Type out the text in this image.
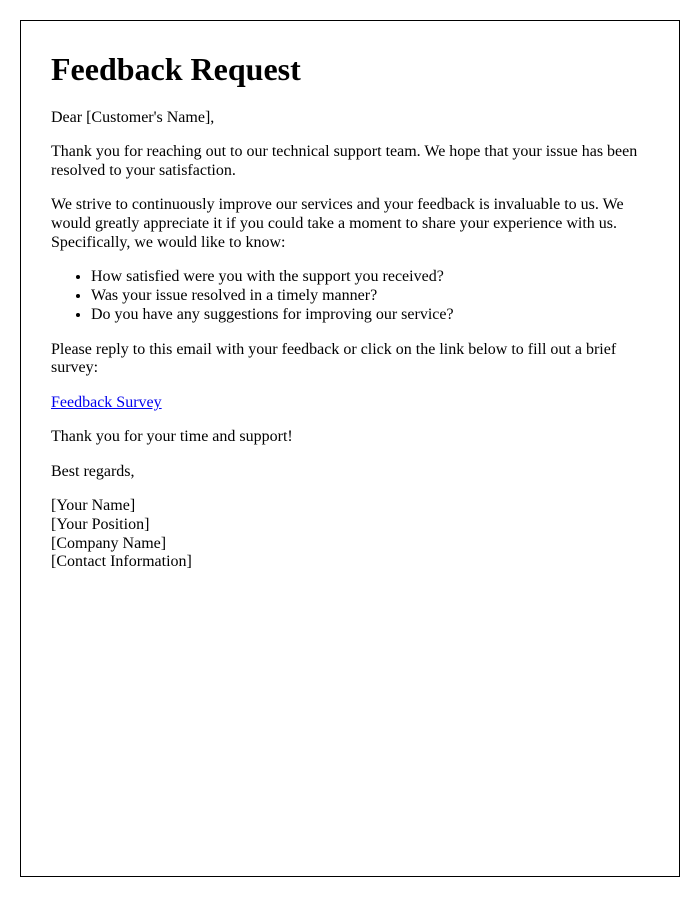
Feedback Request

Dear [Customer's Name],

Thank you for reaching out to our technical support team. We hope that your issue has been resolved to your satisfaction.

We strive to continuously improve our services and your feedback is invaluable to us. We would greatly appreciate it if you could take a moment to share your experience with us. Specifically, we would like to know:

• How satisfied were you with the support you received?
• Was your issue resolved in a timely manner?
• Do you have any suggestions for improving our service?

Please reply to this email with your feedback or click on the link below to fill out a brief survey:

Feedback Survey

Thank you for your time and support!

Best regards,

[Your Name]
[Your Position]
[Company Name]
[Contact Information]
